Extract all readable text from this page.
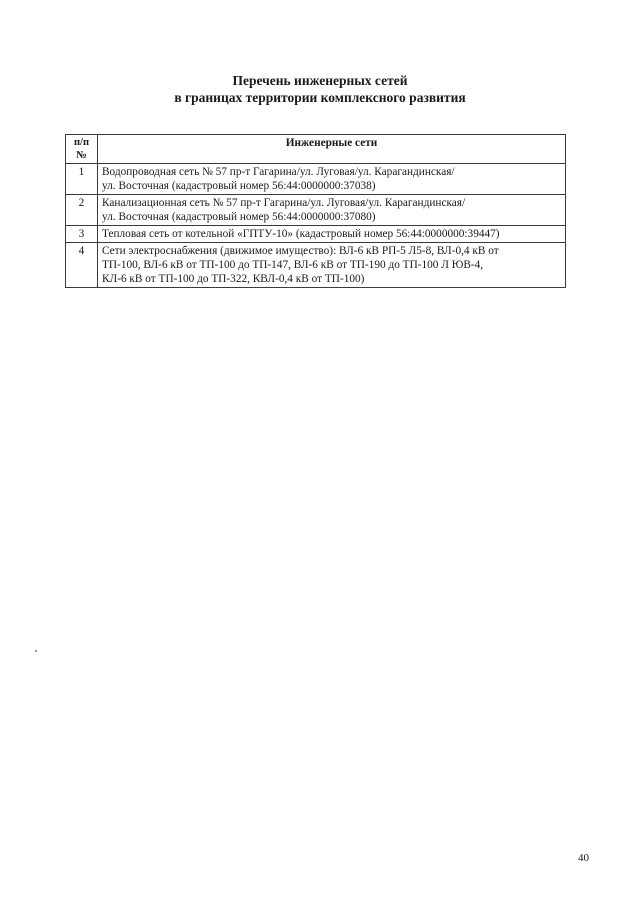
Перечень инженерных сетей
в границах территории комплексного развития
п/п
№	Инженерные сети
1	Водопроводная сеть № 57 пр-т Гагарина/ул. Луговая/ул. Карагандинская/
ул. Восточная (кадастровый номер 56:44:0000000:37038)

2	Канализационная сеть № 57 пр-т Гагарина/ул. Луговая/ул. Карагандинская/
ул. Восточная (кадастровый номер 56:44:0000000:37080)

3	Тепловая сеть от котельной «ГПТУ-10» (кадастровый номер 56:44:0000000:39447)

4	Сети электроснабжения (движимое имущество): ВЛ-6 кВ РП-5 Л5-8, ВЛ-0,4 кВ от
ТП-100, ВЛ-6 кВ от ТП-100 до ТП-147, ВЛ-6 кВ от ТП-190 до ТП-100 Л ЮВ-4,
КЛ-6 кВ от ТП-100 до ТП-322, КВЛ-0,4 кВ от ТП-100)
40
